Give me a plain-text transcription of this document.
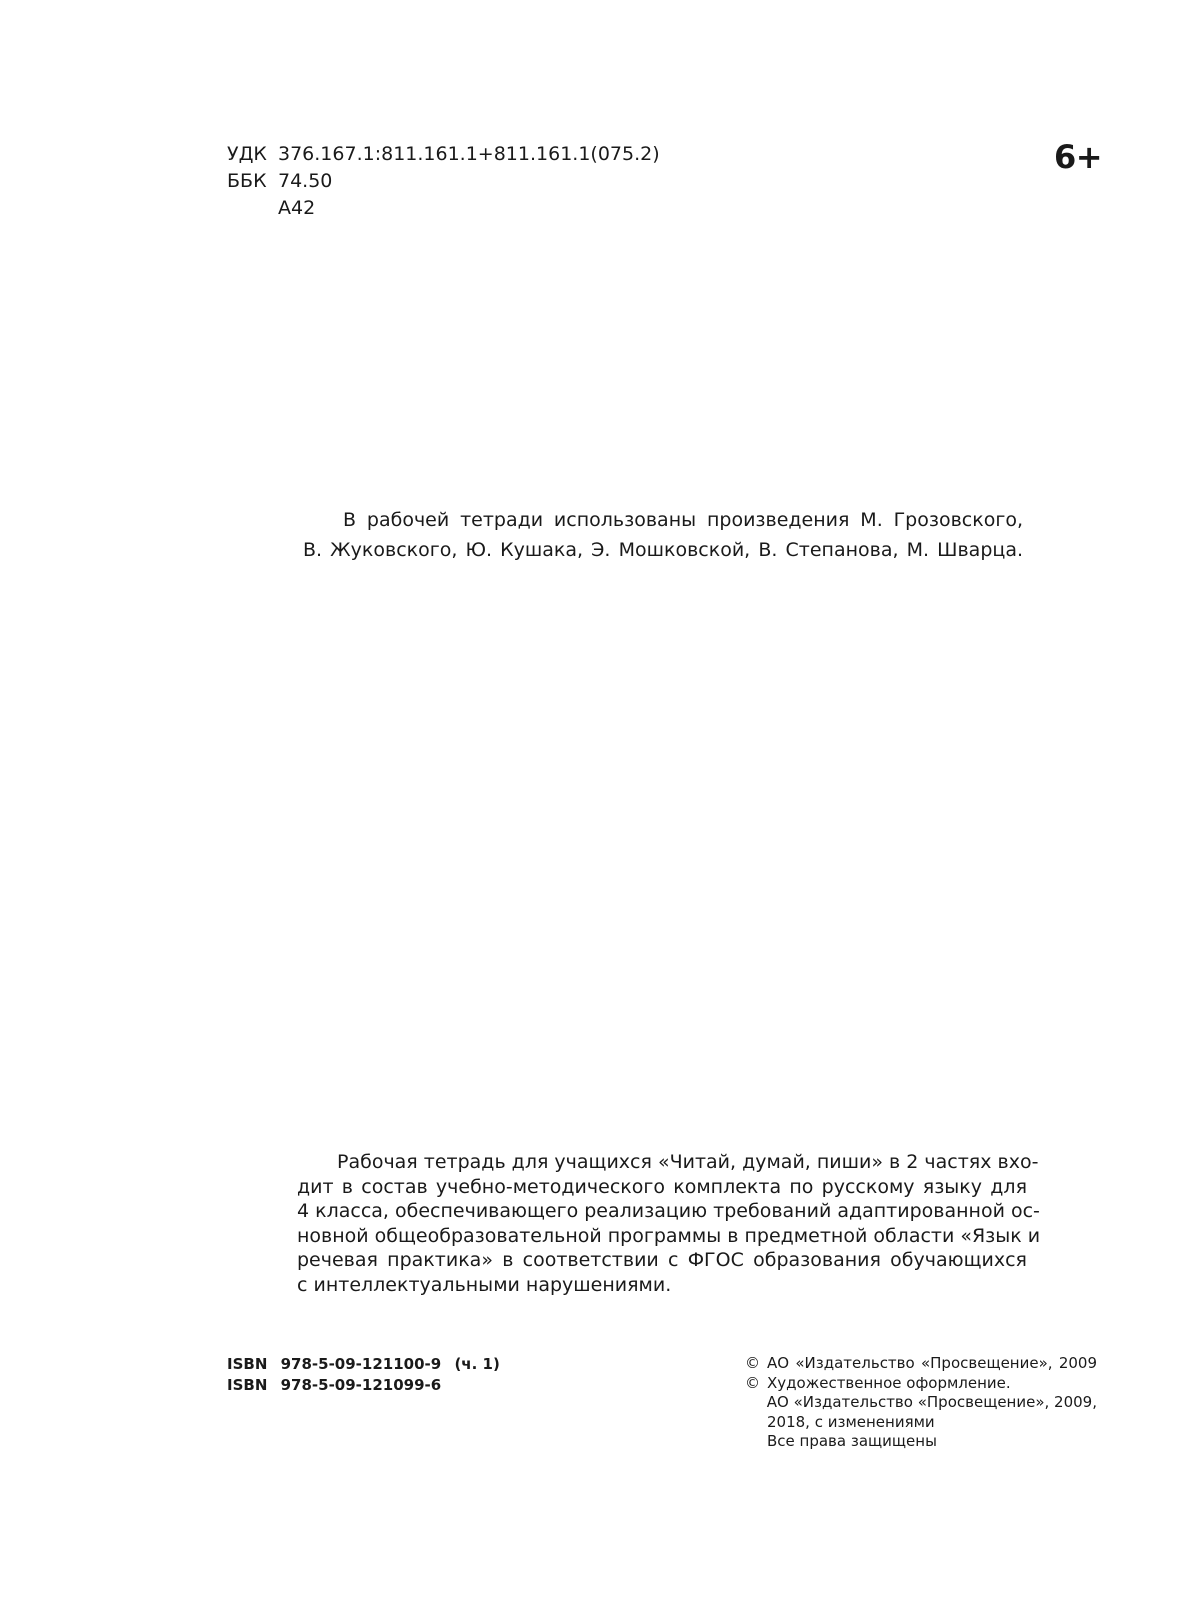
УДК 376.167.1:811.161.1+811.161.1(075.2)
ББК 74.50
А42
6+
В рабочей тетради использованы произведения М. Грозовского,
В. Жуковского, Ю. Кушака, Э. Мошковской, В. Степанова, М. Шварца.
Рабочая тетрадь для учащихся «Читай, думай, пиши» в 2 частях вхо-
дит в состав учебно-методического комплекта по русскому языку для
4 класса, обеспечивающего реализацию требований адаптированной ос-
новной общеобразовательной программы в предметной области «Язык и
речевая практика» в соответствии с ФГОС образования обучающихся
с интеллектуальными нарушениями.
ISBN 978-5-09-121100-9 (ч. 1)
ISBN 978-5-09-121099-6
© АО «Издательство «Просвещение», 2009
© Художественное оформление.
АО «Издательство «Просвещение», 2009,
2018, с изменениями
Все права защищены
